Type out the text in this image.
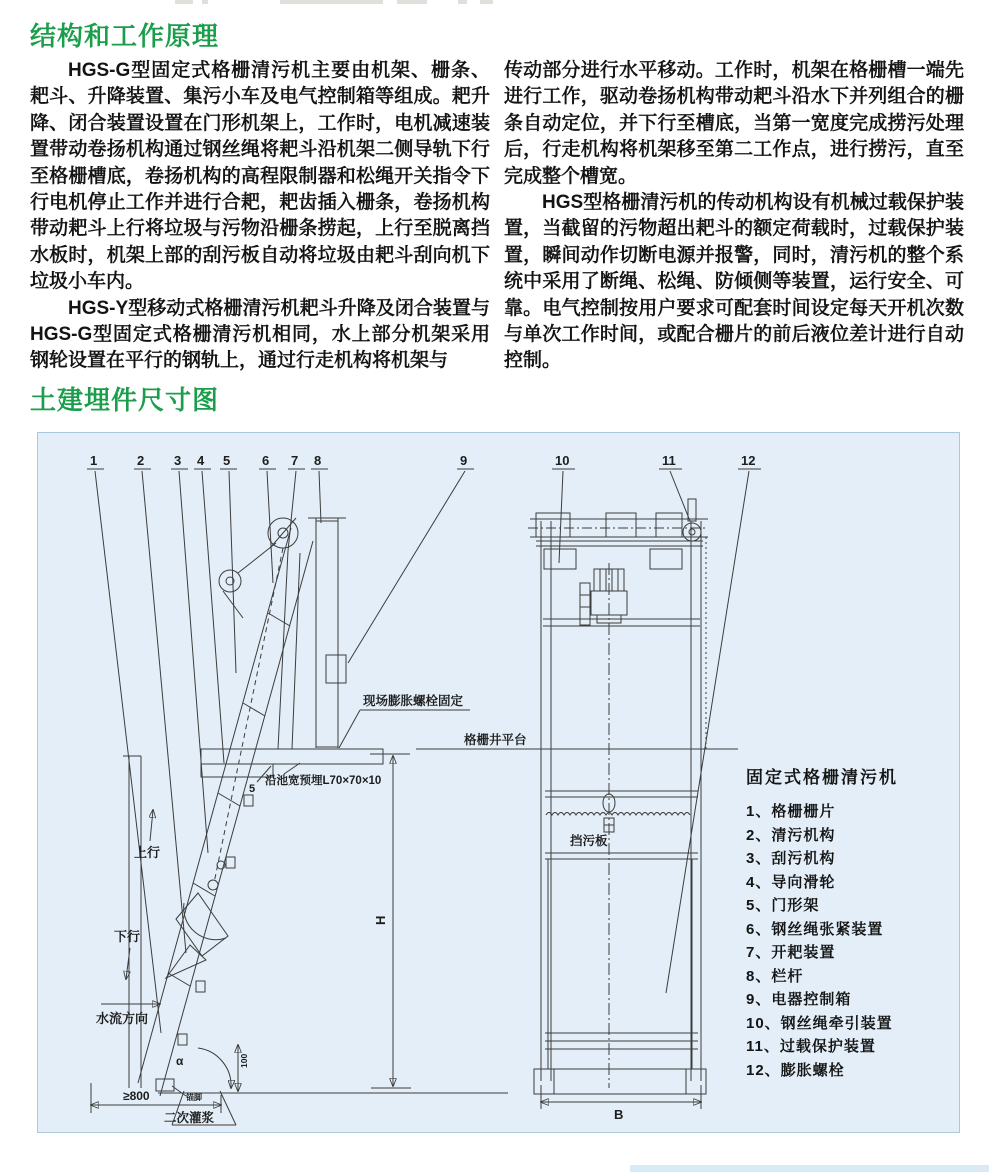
结构和工作原理

HGS-G型固定式格栅清污机主要由机架、栅条、耙斗、升降装置、集污小车及电气控制箱等组成。耙升降、闭合装置设置在门形机架上，工作时，电机减速装置带动卷扬机构通过钢丝绳将耙斗沿机架二侧导轨下行至格栅槽底，卷扬机构的高程限制器和松绳开关指令下行电机停止工作并进行合耙，耙齿插入栅条，卷扬机构带动耙斗上行将垃圾与污物沿栅条捞起，上行至脱离挡水板时，机架上部的刮污板自动将垃圾由耙斗刮向机下垃圾小车内。

HGS-Y型移动式格栅清污机耙斗升降及闭合装置与HGS-G型固定式格栅清污机相同，水上部分机架采用钢轮设置在平行的钢轨上，通过行走机构将机架与

传动部分进行水平移动。工作时，机架在格栅槽一端先进行工作，驱动卷扬机构带动耙斗沿水下并列组合的栅条自动定位，并下行至槽底，当第一宽度完成捞污处理后，行走机构将机架移至第二工作点，进行捞污，直至完成整个槽宽。

HGS型格栅清污机的传动机构设有机械过载保护装置，当截留的污物超出耙斗的额定荷载时，过载保护装置，瞬间动作切断电源并报警，同时，清污机的整个系统中采用了断绳、松绳、防倾侧等装置，运行安全、可靠。电气控制按用户要求可配套时间设定每天开机次数与单次工作时间，或配合栅片的前后液位差计进行自动控制。

土建埋件尺寸图
1	2 3 4 5 6 7 8	9	10	11	12
上行
下行
水流方向
现场膨胀螺栓固定
沿池宽预埋L70×70×10
5
≥800
100
α
锚脚
二次灌浆
H
格栅井平台
挡污板
B
固定式格栅清污机
1、格栅栅片
2、清污机构
3、刮污机构
4、导向滑轮
5、门形架
6、钢丝绳张紧装置
7、开耙装置
8、栏杆
9、电器控制箱
10、钢丝绳牵引装置
11、过载保护装置
12、膨胀螺栓
